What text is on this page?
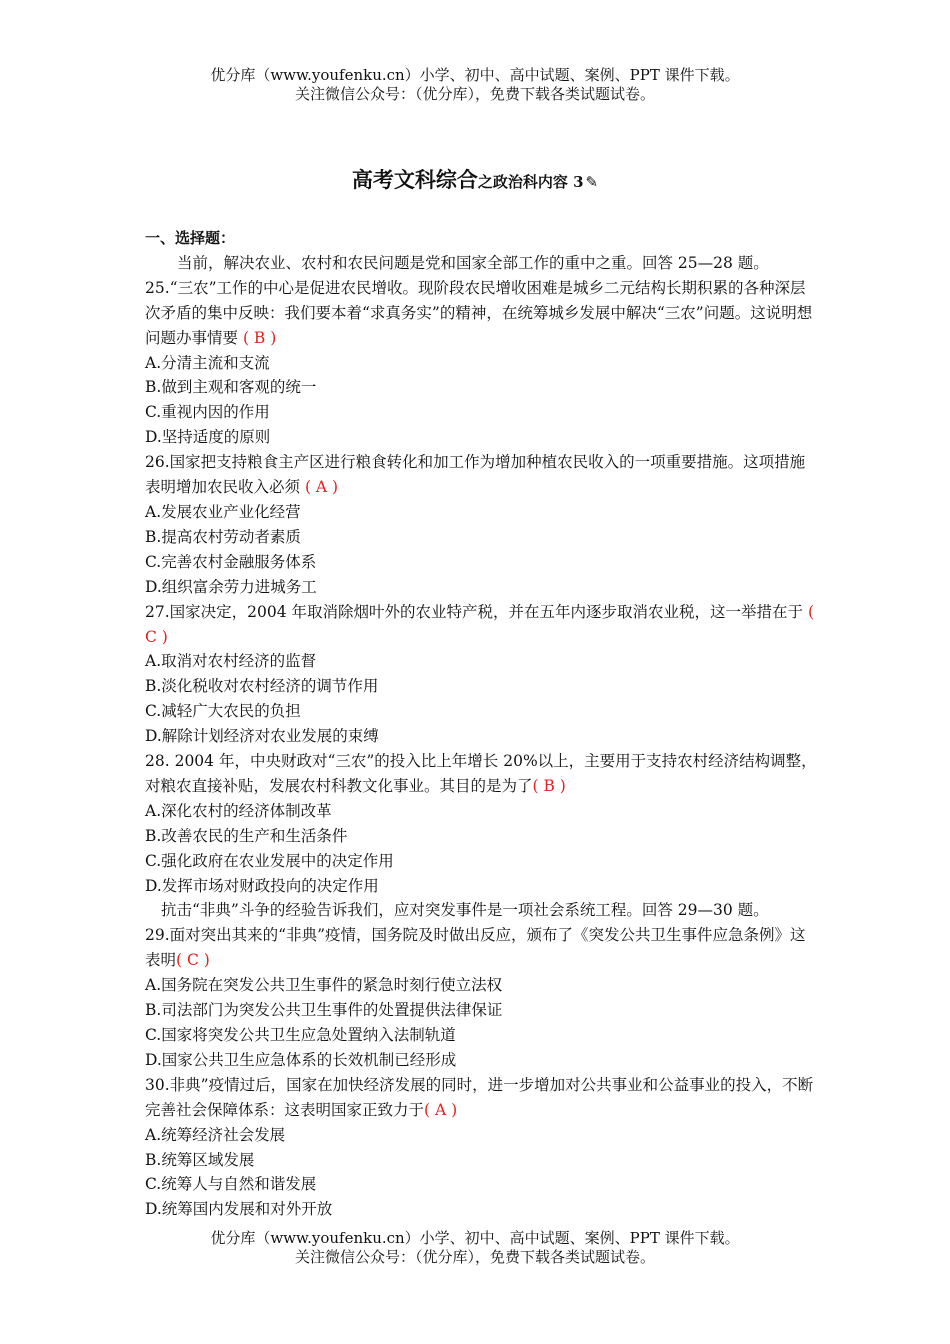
优分库（www.youfenku.cn）小学、初中、高中试题、案例、PPT 课件下载。
关注微信公众号：（优分库），免费下载各类试题试卷。
高考文科综合之政治科内容 3 ✎

一、选择题：

当前，解决农业、农村和农民问题是党和国家全部工作的重中之重。回答 25—28 题。

25.“三农”工作的中心是促进农民增收。现阶段农民增收困难是城乡二元结构长期积累的各种深层次矛盾的集中反映：我们要本着“求真务实”的精神，在统筹城乡发展中解决“三农”问题。这说明想问题办事情要 ( B )

A.分清主流和支流

B.做到主观和客观的统一

C.重视内因的作用

D.坚持适度的原则

26.国家把支持粮食主产区进行粮食转化和加工作为增加种植农民收入的一项重要措施。这项措施表明增加农民收入必须 ( A )

A.发展农业产业化经营

B.提高农村劳动者素质

C.完善农村金融服务体系

D.组织富余劳力进城务工

27.国家决定，2004 年取消除烟叶外的农业特产税，并在五年内逐步取消农业税，这一举措在于 ( C )

A.取消对农村经济的监督

B.淡化税收对农村经济的调节作用

C.减轻广大农民的负担

D.解除计划经济对农业发展的束缚

28. 2004 年，中央财政对“三农”的投入比上年增长 20%以上，主要用于支持农村经济结构调整，对粮农直接补贴，发展农村科教文化事业。其目的是为了( B )

A.深化农村的经济体制改革

B.改善农民的生产和生活条件

C.强化政府在农业发展中的决定作用

D.发挥市场对财政投向的决定作用

抗击“非典”斗争的经验告诉我们，应对突发事件是一项社会系统工程。回答 29—30 题。

29.面对突出其来的“非典”疫情，国务院及时做出反应，颁布了《突发公共卫生事件应急条例》这表明( C )

A.国务院在突发公共卫生事件的紧急时刻行使立法权

B.司法部门为突发公共卫生事件的处置提供法律保证

C.国家将突发公共卫生应急处置纳入法制轨道

D.国家公共卫生应急体系的长效机制已经形成

30.非典”疫情过后，国家在加快经济发展的同时，进一步增加对公共事业和公益事业的投入，不断完善社会保障体系：这表明国家正致力于( A )

A.统筹经济社会发展

B.统筹区域发展

C.统筹人与自然和谐发展

D.统筹国内发展和对外开放

优分库（www.youfenku.cn）小学、初中、高中试题、案例、PPT 课件下载。
关注微信公众号：（优分库），免费下载各类试题试卷。
